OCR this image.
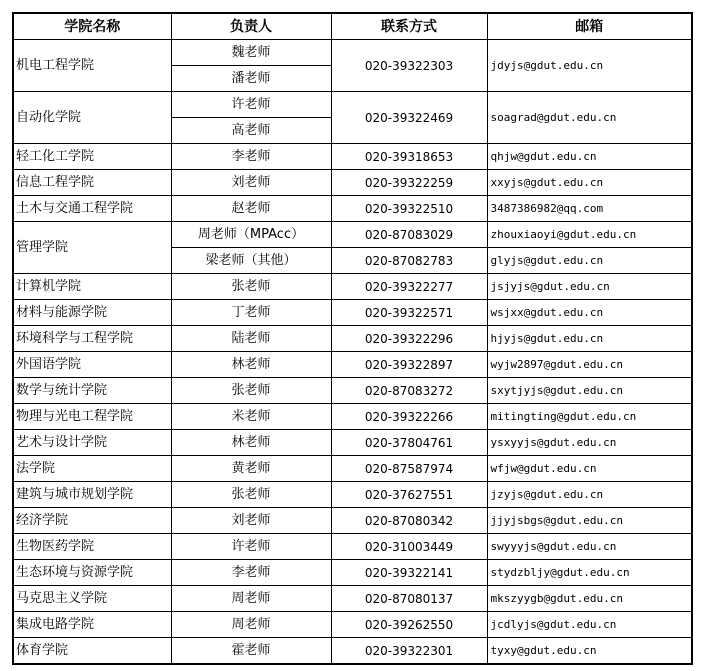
学院名称	负责人	联系方式	邮箱
机电工程学院	魏老师	020-39322303	jdyjs@gdut.edu.cn
	潘老师		
自动化学院	许老师	020-39322469	soagrad@gdut.edu.cn
	高老师		
轻工化工学院	李老师	020-39318653	qhjw@gdut.edu.cn
信息工程学院	刘老师	020-39322259	xxyjs@gdut.edu.cn
土木与交通工程学院	赵老师	020-39322510	3487386982@qq.com
管理学院	周老师（MPAcc）	020-87083029	zhouxiaoyi@gdut.edu.cn
	梁老师（其他）	020-87082783	glyjs@gdut.edu.cn
计算机学院	张老师	020-39322277	jsjyjs@gdut.edu.cn
材料与能源学院	丁老师	020-39322571	wsjxx@gdut.edu.cn
环境科学与工程学院	陆老师	020-39322296	hjyjs@gdut.edu.cn
外国语学院	林老师	020-39322897	wyjw2897@gdut.edu.cn
数学与统计学院	张老师	020-87083272	sxytjyjs@gdut.edu.cn
物理与光电工程学院	米老师	020-39322266	mitingting@gdut.edu.cn
艺术与设计学院	林老师	020-37804761	ysxyyjs@gdut.edu.cn
法学院	黄老师	020-87587974	wfjw@gdut.edu.cn
建筑与城市规划学院	张老师	020-37627551	jzyjs@gdut.edu.cn
经济学院	刘老师	020-87080342	jjyjsbgs@gdut.edu.cn
生物医药学院	许老师	020-31003449	swyyyjs@gdut.edu.cn
生态环境与资源学院	李老师	020-39322141	stydzbljy@gdut.edu.cn
马克思主义学院	周老师	020-87080137	mkszyygb@gdut.edu.cn
集成电路学院	周老师	020-39262550	jcdlyjs@gdut.edu.cn
体育学院	霍老师	020-39322301	tyxy@gdut.edu.cn
